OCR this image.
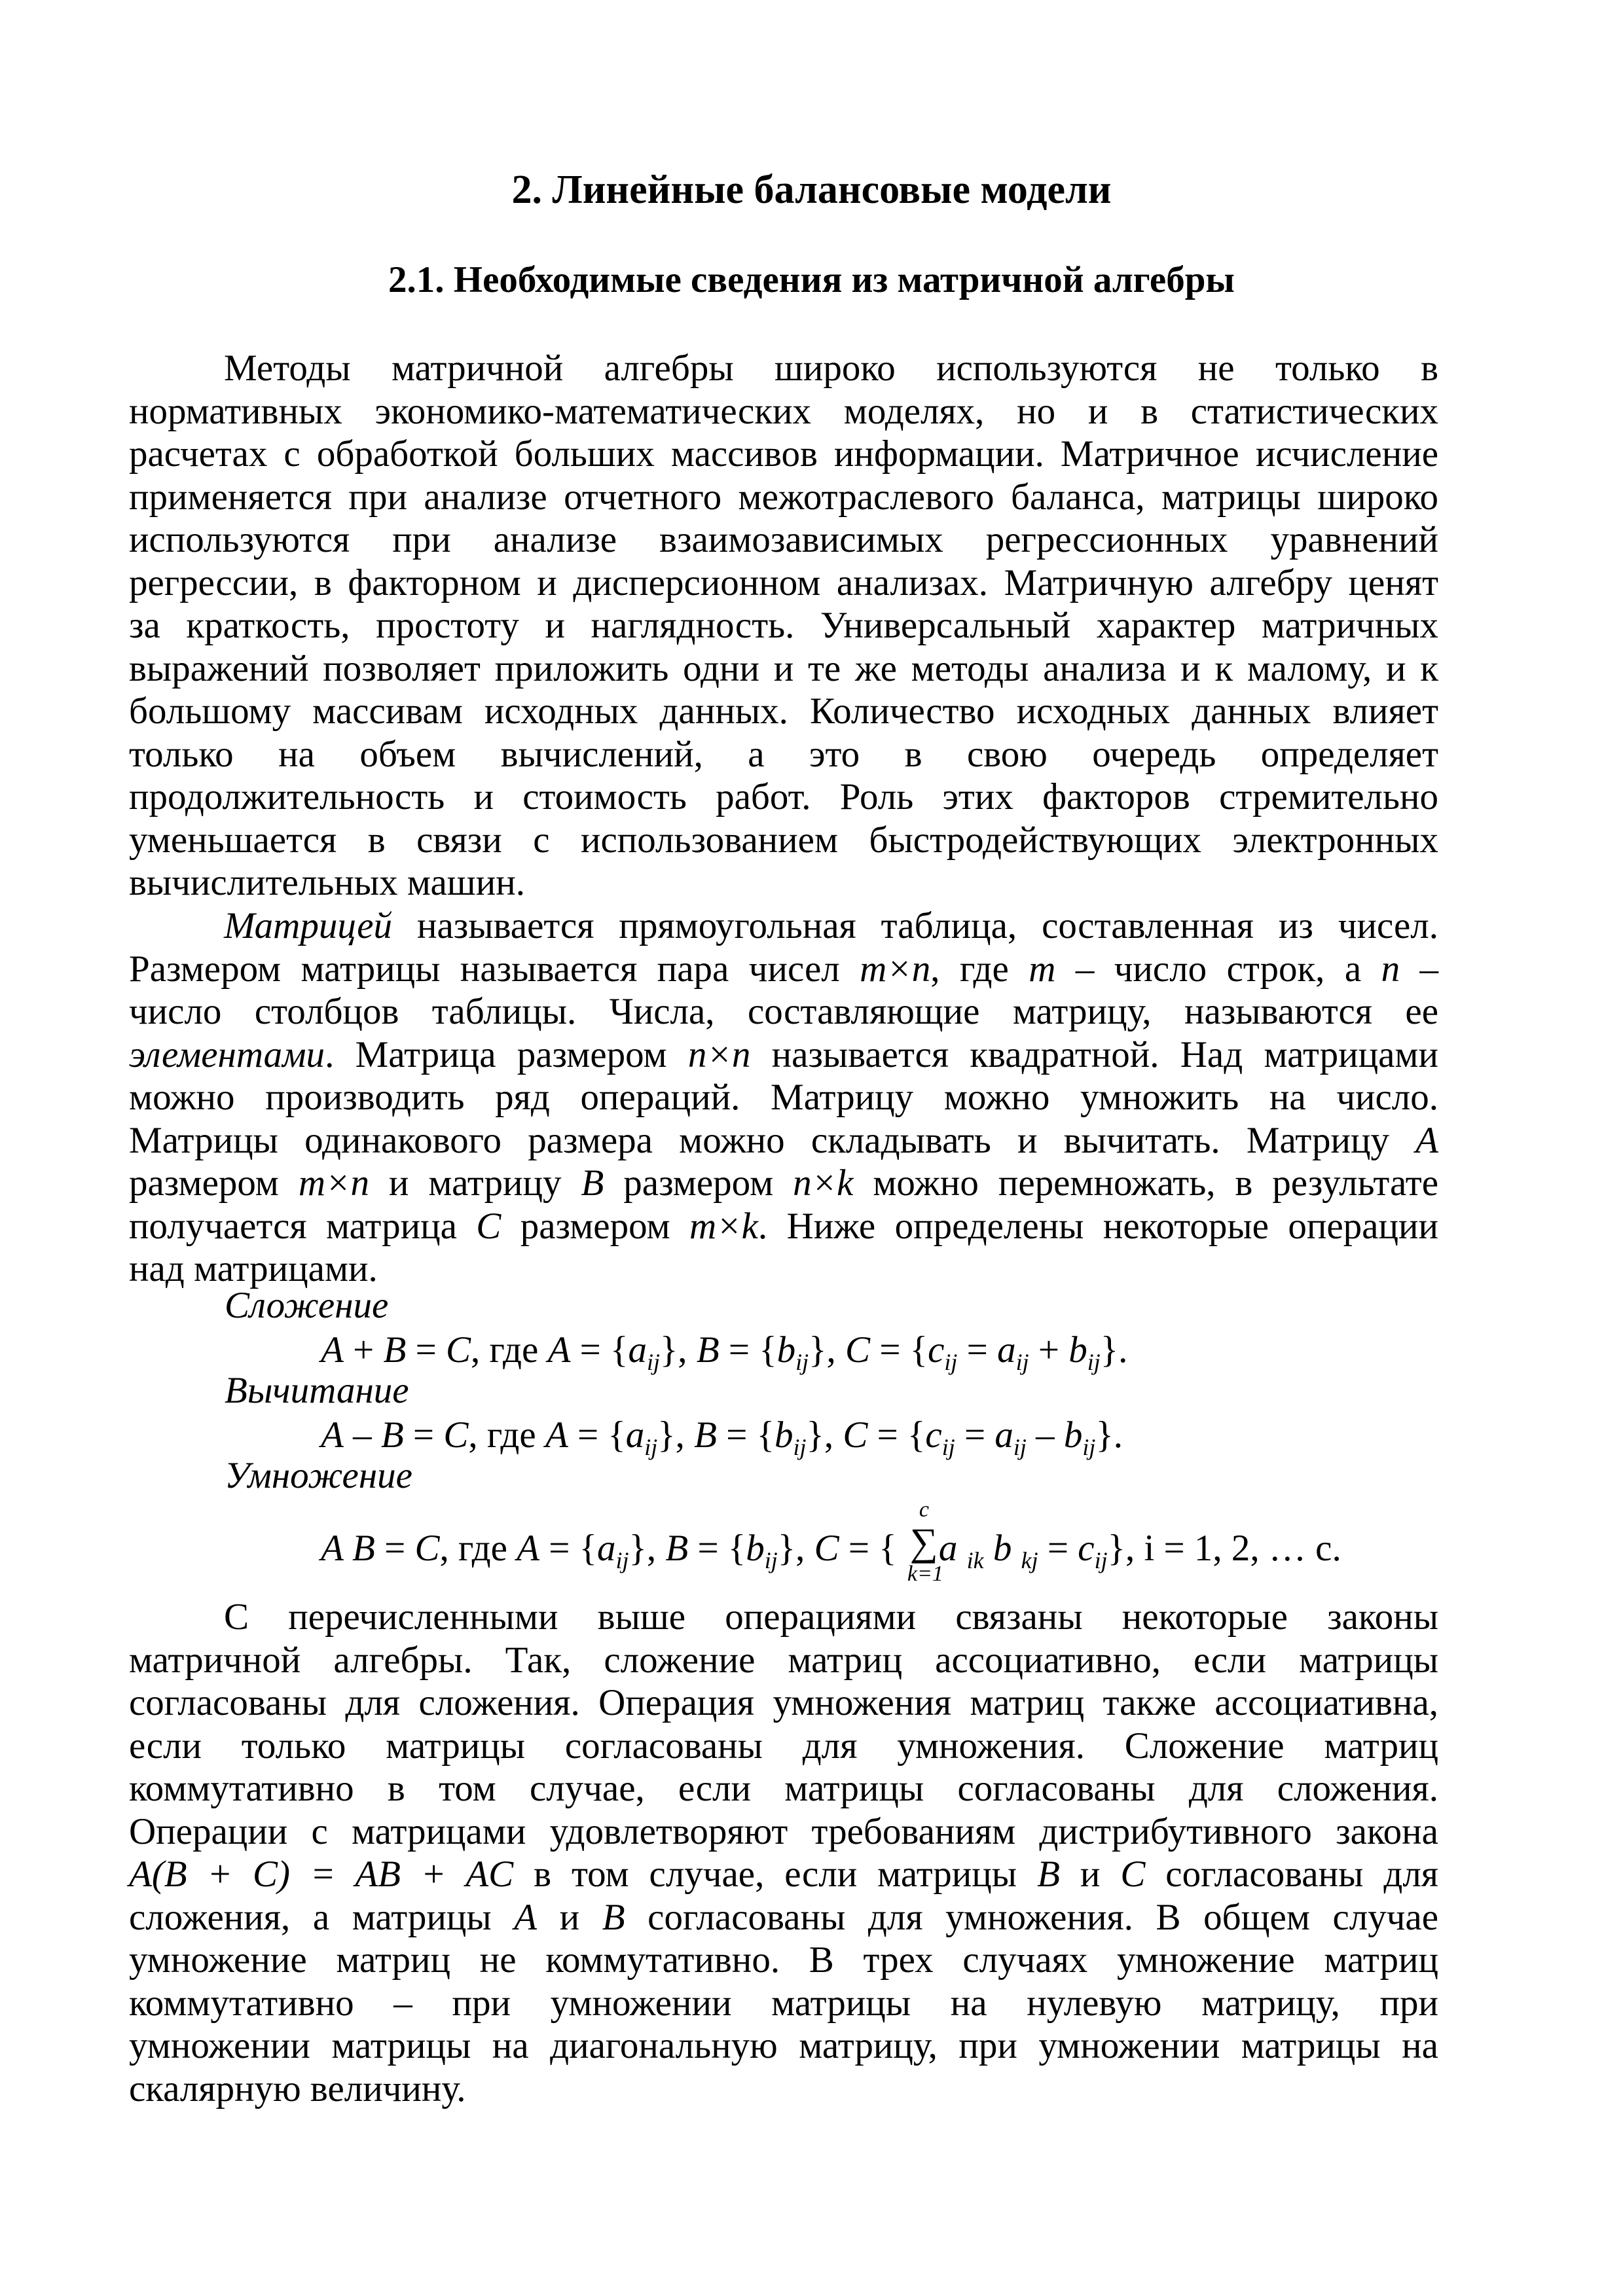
2. Линейные балансовые модели
2.1. Необходимые сведения из матричной алгебры
Методы матричной алгебры широко используются не только в
нормативных экономико-математических моделях, но и в статистических
расчетах с обработкой больших массивов информации. Матричное исчисление
применяется при анализе отчетного межотраслевого баланса, матрицы широко
используются при анализе взаимозависимых регрессионных уравнений
регрессии, в факторном и дисперсионном анализах. Матричную алгебру ценят
за краткость, простоту и наглядность. Универсальный характер матричных
выражений позволяет приложить одни и те же методы анализа и к малому, и к
большому массивам исходных данных. Количество исходных данных влияет
только на объем вычислений, а это в свою очередь определяет
продолжительность и стоимость работ. Роль этих факторов стремительно
уменьшается в связи с использованием быстродействующих электронных
вычислительных машин.
Матрицей называется прямоугольная таблица, составленная из чисел.
Размером матрицы называется пара чисел m×n, где m – число строк, а n –
число столбцов таблицы. Числа, составляющие матрицу, называются ее
элементами. Матрица размером n×n называется квадратной. Над матрицами
можно производить ряд операций. Матрицу можно умножить на число.
Матрицы одинакового размера можно складывать и вычитать. Матрицу A
размером m×n и матрицу B размером n×k можно перемножать, в результате
получается матрица C размером m×k. Ниже определены некоторые операции
над матрицами.
Сложение
A + B = C, где $A = \{a_{ij}\}$, $B = \{b_{ij}\}$, $C = \{c_{ij} = a_{ij} + b_{ij}\}$.
Вычитание
A – B = C, где $A = \{a_{ij}\}$, $B = \{b_{ij}\}$, $C = \{c_{ij} = a_{ij} - b_{ij}\}$.
Умножение
A B = C, где $A = \{a_{ij}\}$, $B = \{b_{ij}\}$, C = {
c
∑
k=1
a $_{ik}$ b $_{kj} = c_{ij}$}, i = 1, 2, … c.
С перечисленными выше операциями связаны некоторые законы
матричной алгебры. Так, сложение матриц ассоциативно, если матрицы
согласованы для сложения. Операция умножения матриц также ассоциативна,
если только матрицы согласованы для умножения. Сложение матриц
коммутативно в том случае, если матрицы согласованы для сложения.
Операции с матрицами удовлетворяют требованиям дистрибутивного закона
A(B + C) = AB + AC в том случае, если матрицы B и C согласованы для
сложения, а матрицы A и B согласованы для умножения. В общем случае
умножение матриц не коммутативно. В трех случаях умножение матриц
коммутативно – при умножении матрицы на нулевую матрицу, при
умножении матрицы на диагональную матрицу, при умножении матрицы на
скалярную величину.
